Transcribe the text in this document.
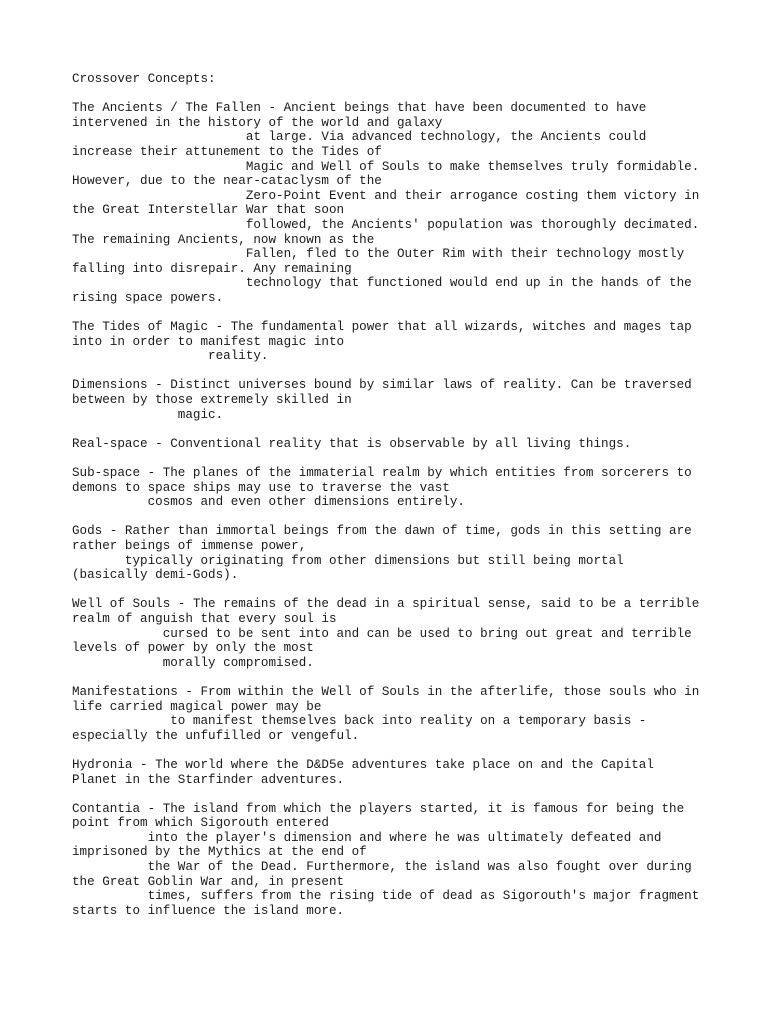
Crossover Concepts:
The Ancients / The Fallen - Ancient beings that have been documented to have
intervened in the history of the world and galaxy
at large. Via advanced technology, the Ancients could
increase their attunement to the Tides of
Magic and Well of Souls to make themselves truly formidable.
However, due to the near-cataclysm of the
Zero-Point Event and their arrogance costing them victory in
the Great Interstellar War that soon
followed, the Ancients' population was thoroughly decimated.
The remaining Ancients, now known as the
Fallen, fled to the Outer Rim with their technology mostly
falling into disrepair. Any remaining
technology that functioned would end up in the hands of the
rising space powers.
The Tides of Magic - The fundamental power that all wizards, witches and mages tap
into in order to manifest magic into
reality.
Dimensions - Distinct universes bound by similar laws of reality. Can be traversed
between by those extremely skilled in
magic.
Real-space - Conventional reality that is observable by all living things.
Sub-space - The planes of the immaterial realm by which entities from sorcerers to
demons to space ships may use to traverse the vast
cosmos and even other dimensions entirely.
Gods - Rather than immortal beings from the dawn of time, gods in this setting are
rather beings of immense power,
typically originating from other dimensions but still being mortal
(basically demi-Gods).
Well of Souls - The remains of the dead in a spiritual sense, said to be a terrible
realm of anguish that every soul is
cursed to be sent into and can be used to bring out great and terrible
levels of power by only the most
morally compromised.
Manifestations - From within the Well of Souls in the afterlife, those souls who in
life carried magical power may be
to manifest themselves back into reality on a temporary basis -
especially the unfufilled or vengeful.
Hydronia - The world where the D&D5e adventures take place on and the Capital
Planet in the Starfinder adventures.
Contantia - The island from which the players started, it is famous for being the
point from which Sigorouth entered
into the player's dimension and where he was ultimately defeated and
imprisoned by the Mythics at the end of
the War of the Dead. Furthermore, the island was also fought over during
the Great Goblin War and, in present
times, suffers from the rising tide of dead as Sigorouth's major fragment
starts to influence the island more.
